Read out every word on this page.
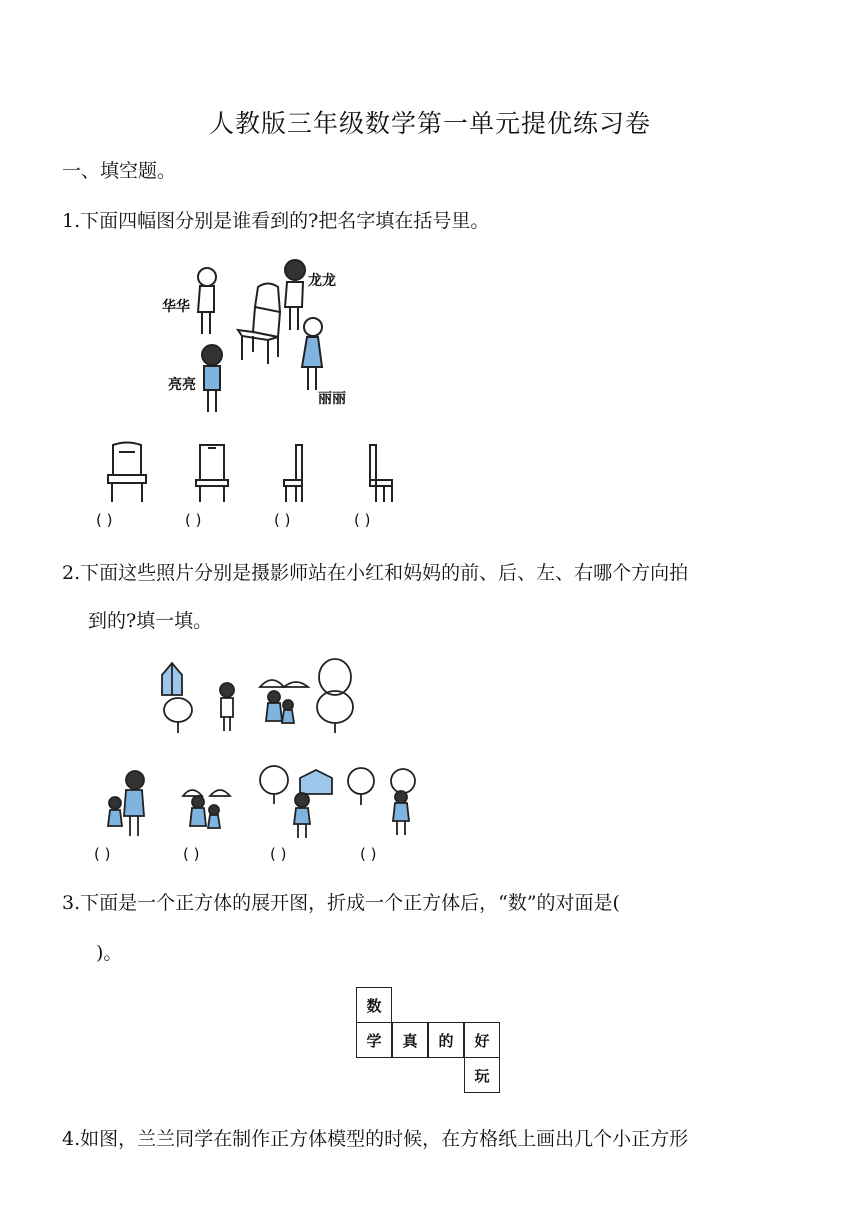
人教版三年级数学第一单元提优练习卷
一、填空题。
1.下面四幅图分别是谁看到的?把名字填在括号里。
华华
龙龙
亮亮
丽丽
( )	( )	( )	( )
2.下面这些照片分别是摄影师站在小红和妈妈的前、后、左、右哪个方向拍
到的?填一填。
( )	( )	( )	( )
3.下面是一个正方体的展开图，折成一个正方体后，“数”的对面是(
)。
数
学	真	的	好
玩
4.如图，兰兰同学在制作正方体模型的时候，在方格纸上画出几个小正方形
